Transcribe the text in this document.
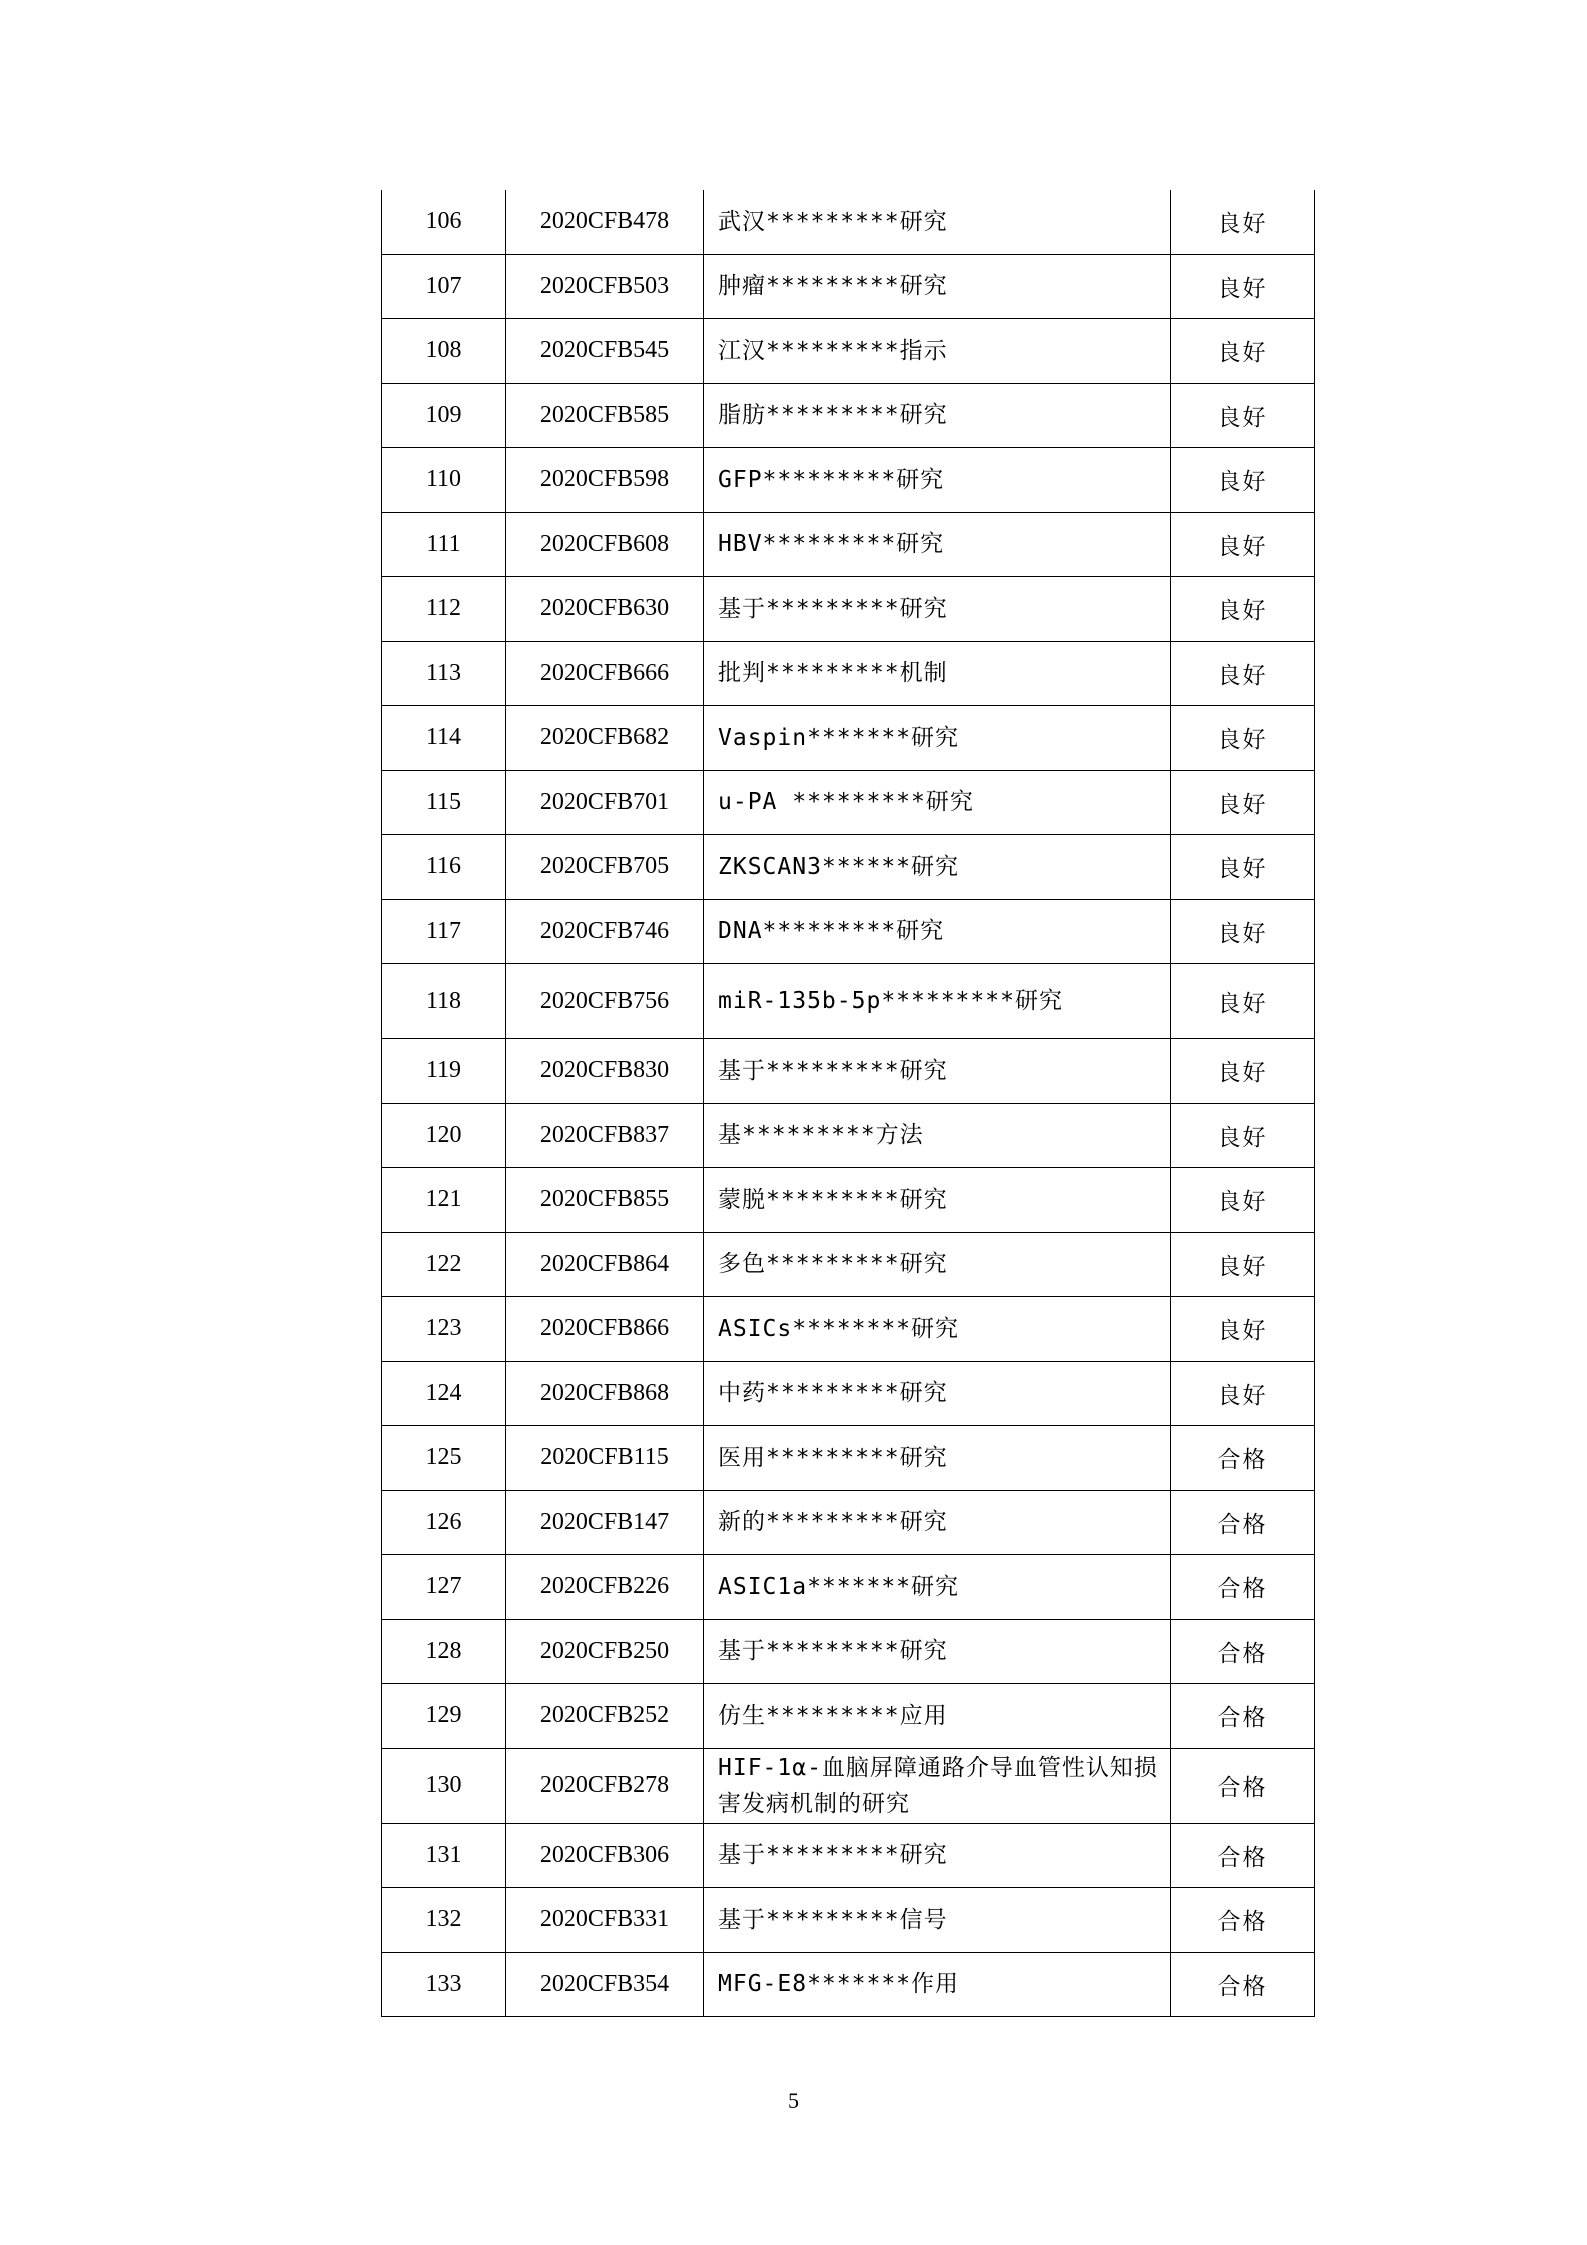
106	2020CFB478	武汉*********研究	良好
107	2020CFB503	肿瘤*********研究	良好
108	2020CFB545	江汉*********指示	良好
109	2020CFB585	脂肪*********研究	良好
110	2020CFB598	GFP*********研究	良好
111	2020CFB608	HBV*********研究	良好
112	2020CFB630	基于*********研究	良好
113	2020CFB666	批判*********机制	良好
114	2020CFB682	Vaspin*******研究	良好
115	2020CFB701	u-PA *********研究	良好
116	2020CFB705	ZKSCAN3******研究	良好
117	2020CFB746	DNA*********研究	良好
118	2020CFB756	miR-135b-5p*********研究	良好
119	2020CFB830	基于*********研究	良好
120	2020CFB837	基*********方法	良好
121	2020CFB855	蒙脱*********研究	良好
122	2020CFB864	多色*********研究	良好
123	2020CFB866	ASICs********研究	良好
124	2020CFB868	中药*********研究	良好
125	2020CFB115	医用*********研究	合格
126	2020CFB147	新的*********研究	合格
127	2020CFB226	ASIC1a*******研究	合格
128	2020CFB250	基于*********研究	合格
129	2020CFB252	仿生*********应用	合格
130	2020CFB278	HIF-1α-血脑屏障通路介导血管性认知损害发病机制的研究	合格
131	2020CFB306	基于*********研究	合格
132	2020CFB331	基于*********信号	合格
133	2020CFB354	MFG-E8*******作用	合格
5
